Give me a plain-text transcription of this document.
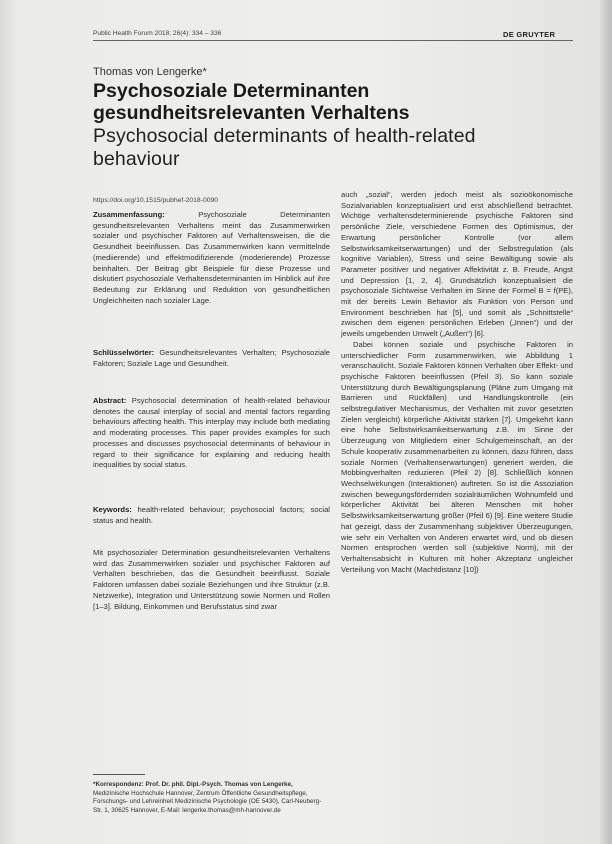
Public Health Forum 2018; 26(4): 334 – 336	DE GRUYTER
Thomas von Lengerke*
Psychosoziale Determinanten
gesundheitsrelevanten Verhaltens
Psychosocial determinants of health-related
behaviour
https://doi.org/10.1515/pubhef-2018-0090

Zusammenfassung: Psychosoziale Determinanten gesundheitsrelevanten Verhaltens meint das Zusammenwirken sozialer und psychischer Faktoren auf Verhaltensweisen, die die Gesundheit beeinflussen. Das Zusammenwirken kann vermittelnde (mediierende) und effektmodifizierende (moderierende) Prozesse beinhalten. Der Beitrag gibt Beispiele für diese Prozesse und diskutiert psychosoziale Verhaltensdeterminanten im Hinblick auf ihre Bedeutung zur Erklärung und Reduktion von gesundheitlichen Ungleichheiten nach sozialer Lage.

Schlüsselwörter: Gesundheitsrelevantes Verhalten; Psychosoziale Faktoren; Soziale Lage und Gesundheit.

Abstract: Psychosocial determination of health-related behaviour denotes the causal interplay of social and mental factors regarding behaviours affecting health. This interplay may include both mediating and moderating processes. This paper provides examples for such processes and discusses psychosocial determinants of behaviour in regard to their significance for explaining and reducing health inequalities by social status.

Keywords: health-related behaviour; psychosocial factors; social status and health.

Mit psychosozialer Determination gesundheitsrelevanten Verhaltens wird das Zusammenwirken sozialer und psychischer Faktoren auf Verhalten beschrieben, das die Gesundheit beeinflusst. Soziale Faktoren umfassen dabei soziale Beziehungen und ihre Struktur (z.B. Netzwerke), Integration und Unterstützung sowie Normen und Rollen [1–3]. Bildung, Einkommen und Berufsstatus sind zwar

*Korrespondenz: Prof. Dr. phil. Dipl.-Psych. Thomas von Lengerke, Medizinische Hochschule Hannover, Zentrum Öffentliche Gesundheitspflege, Forschungs- und Lehreinheit Medizinische Psychologie (OE 5430), Carl-Neuberg-Str. 1, 30625 Hannover, E-Mail: lengerke.thomas@mh-hannover.de

auch „sozial“, werden jedoch meist als sozioökonomische Sozialvariablen konzeptualisiert und erst abschließend betrachtet. Wichtige verhaltensdeterminierende psychische Faktoren sind persönliche Ziele, verschiedene Formen des Optimismus, der Erwartung persönlicher Kontrolle (vor allem Selbstwirksamkeitserwartungen) und der Selbstregulation (als kognitive Variablen), Stress und seine Bewältigung sowie als Parameter positiver und negativer Affektivität z. B. Freude, Angst und Depression [1, 2, 4]. Grundsätzlich konzeptualisiert die psychosoziale Sichtweise Verhalten im Sinne der Formel B = f(PE), mit der bereits Lewin Behavior als Funktion von Person und Environment beschrieben hat [5], und somit als „Schnittstelle“ zwischen dem eigenen persönlichen Erleben („Innen“) und der jeweils umgebenden Umwelt („Außen“) [6].

Dabei können soziale und psychische Faktoren in unterschiedlicher Form zusammenwirken, wie Abbildung 1 veranschaulicht. Soziale Faktoren können Verhalten über Effekt- und psychische Faktoren beeinflussen (Pfeil 3). So kann soziale Unterstützung durch Bewältigungsplanung (Pläne zum Umgang mit Barrieren und Rückfällen) und Handlungskontrolle (ein selbstregulativer Mechanismus, der Verhalten mit zuvor gesetzten Zielen vergleicht) körperliche Aktivität stärken [7]. Umgekehrt kann eine hohe Selbstwirksamkeitserwartung z.B. im Sinne der Überzeugung von Mitgliedern einer Schulgemeinschaft, an der Schule kooperativ zusammenarbeiten zu können, dazu führen, dass soziale Normen (Verhaltenserwartungen) generiert werden, die Mobbingverhalten reduzieren (Pfeil 2) [8]. Schließlich können Wechselwirkungen (Interaktionen) auftreten. So ist die Assoziation zwischen bewegungsfördernden sozialräumlichen Wohnumfeld und körperlicher Aktivität bei älteren Menschen mit hoher Selbstwirksamkeitserwartung größer (Pfeil 6) [9]. Eine weitere Studie hat gezeigt, dass der Zusammenhang subjektiver Überzeugungen, wie sehr ein Verhalten von Anderen erwartet wird, und ob diesen Normen entsprochen werden soll (subjektive Norm), mit der Verhaltensabsicht in Kulturen mit hoher Akzeptanz ungleicher Verteilung von Macht (Machtdistanz [10])
